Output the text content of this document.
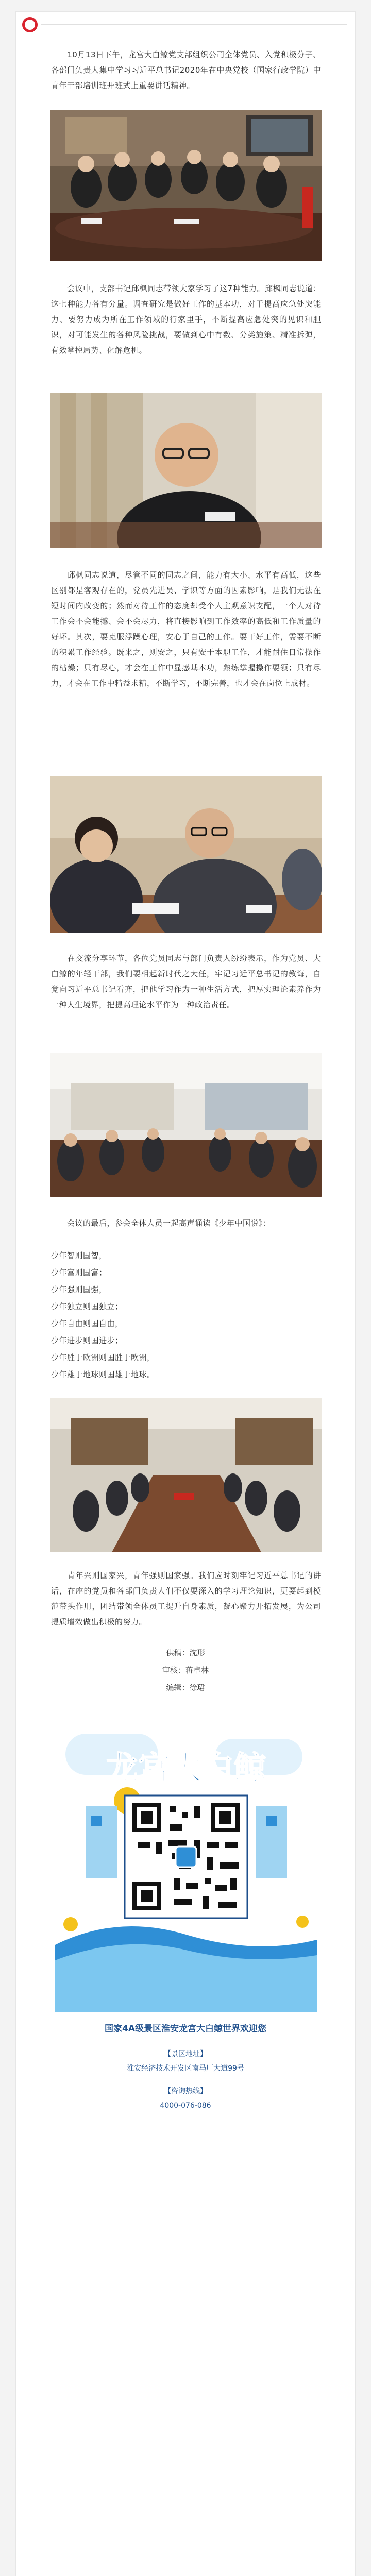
　　10月13日下午，龙宫大白鲸党支部组织公司全体党员、入党积极分子、各部门负责人集中学习习近平总书记2020年在中央党校（国家行政学院）中青年干部培训班开班式上重要讲话精神。

　　会议中，支部书记邱枫同志带领大家学习了这7种能力。邱枫同志说道：这七种能力各有分量。调查研究是做好工作的基本功，对于提高应急处突能力、要努力成为所在工作领域的行家里手，不断提高应急处突的见识和胆识，对可能发生的各种风险挑战，要做到心中有数、分类施策、精准拆弹，有效掌控局势、化解危机。

　　邱枫同志说道，尽管不同的同志之间，能力有大小、水平有高低，这些区别都是客观存在的，党员先进员、学识等方面的因素影响，是我们无法在短时间内改变的；然而对待工作的态度却受个人主观意识支配，一个人对待工作会不会能撼、会不会尽力，将直接影响到工作效率的高低和工作质量的好坏。其次，要克服浮躁心理，安心于自己的工作。要干好工作，需要不断的积累工作经验。既来之，则安之，只有安于本职工作，才能耐住日常操作的枯燥；只有尽心，才会在工作中显感基本功，熟练掌握操作要领；只有尽力，才会在工作中精益求精，不断学习，不断完善，也才会在岗位上成材。

　　在交流分享环节，各位党员同志与部门负责人纷纷表示，作为党员、大白鲸的年轻干部，我们要相起新时代之大任，牢记习近平总书记的教诲，自觉向习近平总书记看齐，把他学习作为一种生活方式，把厚实理论素养作为一种人生境界，把提高理论水平作为一种政治责任。

　　会议的最后，参会全体人员一起高声诵读《少年中国说》：

少年智则国智，
少年富则国富；
少年强则国强，
少年独立则国独立；
少年自由则国自由，
少年进步则国进步；
少年胜于欧洲则国胜于欧洲，
少年雄于地球则国雄于地球。

　　青年兴则国家兴，青年强则国家强。我们应时刻牢记习近平总书记的讲话，在座的党员和各部门负责人们不仅要深入的学习理论知识，更要起到模范带头作用，团结带领全体员工提升自身素质，凝心聚力开拓发展，为公司提质增效做出积极的努力。

供稿：沈形
审核：蒋卓林
编辑：徐珺
龙宫大白鲸
国家4A级景区淮安龙宫大白鲸世界欢迎您
【景区地址】
淮安经济技术开发区南马厂大道99号
【咨询热线】
4000-076-086
